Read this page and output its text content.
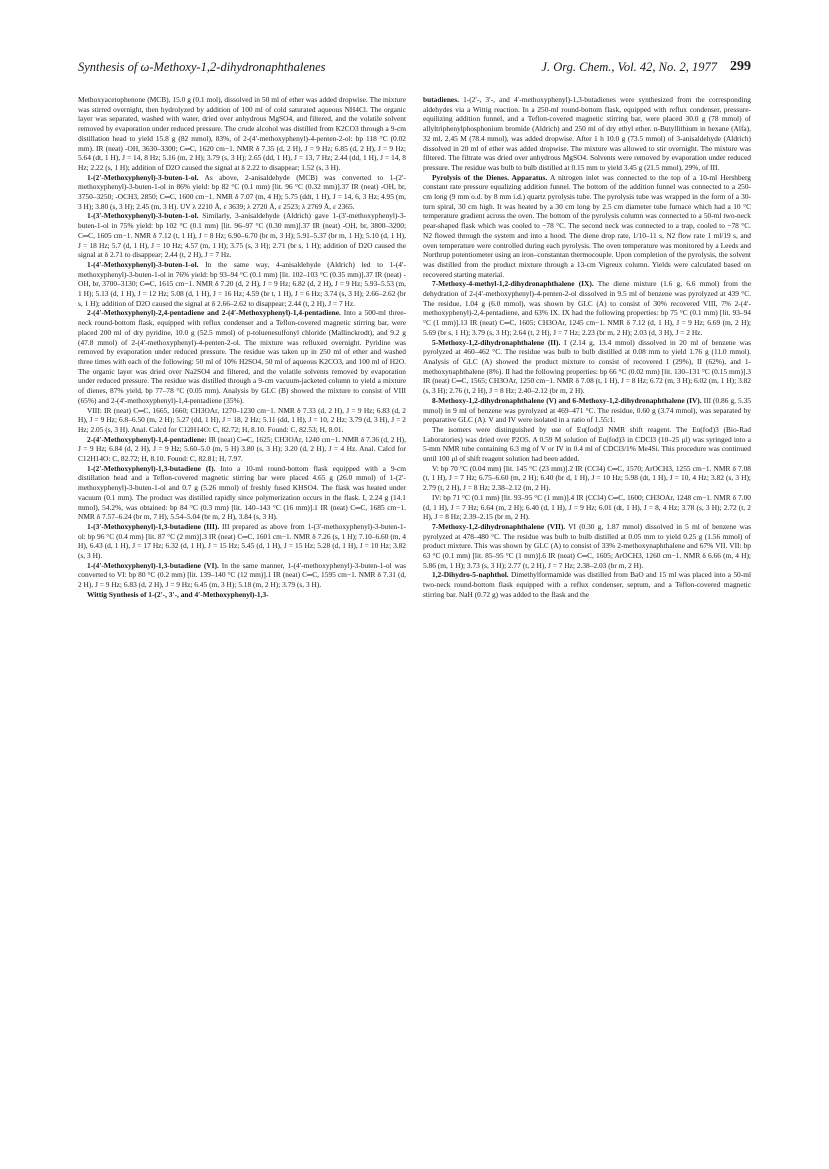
Synthesis of ω-Methoxy-1,2-dihydronaphthalenes	J. Org. Chem., Vol. 42, No. 2, 1977 299

Methoxyacetophenone (MCB), 15.0 g (0.1 mol), dissolved in 50 ml of ether was added dropwise. The mixture was stirred overnight, then hydrolyzed by addition of 100 ml of cold saturated aqueous NH4Cl. The organic layer was separated, washed with water, dried over anhydrous MgSO4, and filtered, and the volatile solvent removed by evaporation under reduced pressure. The crude alcohol was distilled from K2CO3 through a 9-cm distillation head to yield 15.8 g (82 mmol), 83%, of 2-(4′-methoxyphenyl)-4-penten-2-ol: bp 118 °C (0.02 mm). IR (neat) -OH, 3630–3300; C═C, 1620 cm−1. NMR δ 7.35 (d, 2 H), J = 9 Hz; 6.85 (d, 2 H), J = 9 Hz; 5.64 (dt, 1 H), J = 14, 8 Hz; 5.16 (m, 2 H); 3.79 (s, 3 H); 2.65 (dd, 1 H), J = 13, 7 Hz; 2.44 (dd, 1 H), J = 14, 8 Hz; 2.22 (s, 1 H); addition of D2O caused the signal at δ 2.22 to disappear; 1.52 (s, 3 H).

1-(2′-Methoxyphenyl)-3-buten-1-ol. As above, 2-anisaldehyde (MCB) was converted to 1-(2′-methoxyphenyl)-3-buten-1-ol in 86% yield: bp 82 °C (0.1 mm) [lit. 96 °C (0.32 mm)].37 IR (neat) -OH, br, 3750–3250; -OCH3, 2850; C═C, 1600 cm−1. NMR δ 7.07 (m, 4 H); 5.75 (ddt, 1 H), J = 14, 6, 3 Hz; 4.95 (m, 3 H); 3.80 (s, 3 H); 2.45 (m, 3 H). UV λ 2210 Å, ε 3639; λ 2720 Å, ε 2523; λ 2769 Å, ε 2365.

1-(3′-Methoxyphenyl)-3-buten-1-ol. Similarly, 3-anisaldehyde (Aldrich) gave 1-(3′-methoxyphenyl)-3-buten-1-ol in 75% yield: bp 102 °C (0.1 mm) [lit. 96–97 °C (0.30 mm)].37 IR (neat) -OH, br, 3800–3200; C═C, 1605 cm−1. NMR δ 7.12 (t, 1 H), J = 8 Hz; 6.90–6.70 (br m, 3 H); 5.91–5.37 (br m, 1 H); 5.10 (d, 1 H), J = 18 Hz; 5.7 (d, 1 H), J = 10 Hz; 4.57 (m, 1 H); 3.75 (s, 3 H); 2.71 (br s, 1 H); addition of D2O caused the signal at δ 2.71 to disappear; 2.44 (t, 2 H), J = 7 Hz.

1-(4′-Methoxyphenyl)-3-buten-1-ol. In the same way, 4-anisaldehyde (Aldrich) led to 1-(4′-methoxyphenyl)-3-buten-1-ol in 76% yield: bp 93–94 °C (0.1 mm) [lit. 102–103 °C (0.35 mm)].37 IR (neat) -OH, br, 3700–3130; C═C, 1615 cm−1. NMR δ 7.20 (d, 2 H), J = 9 Hz; 6.82 (d, 2 H), J = 9 Hz; 5.93–5.53 (m, 1 H); 5.13 (d, 1 H), J = 12 Hz; 5.08 (d, 1 H), J = 16 Hz; 4.59 (br t, 1 H), J = 6 Hz; 3.74 (s, 3 H); 2.66–2.62 (br s, 1 H); addition of D2O caused the signal at δ 2.66–2.62 to disappear; 2.44 (t, 2 H), J = 7 Hz.

2-(4′-Methoxyphenyl)-2,4-pentadiene and 2-(4′-Methoxyphenyl)-1,4-pentadiene. Into a 500-ml three-neck round-bottom flask, equipped with reflux condenser and a Teflon-covered magnetic stirring bar, were placed 200 ml of dry pyridine, 10.0 g (52.5 mmol) of p-toluenesulfonyl chloride (Mallinckrodt), and 9.2 g (47.8 mmol) of 2-(4′-methoxyphenyl)-4-penten-2-ol. The mixture was refluxed overnight. Pyridine was removed by evaporation under reduced pressure. The residue was taken up in 250 ml of ether and washed three times with each of the following: 50 ml of 10% H2SO4, 50 ml of aqueous K2CO3, and 100 ml of H2O. The organic layer was dried over Na2SO4 and filtered, and the volatile solvents removed by evaporation under reduced pressure. The residue was distilled through a 9-cm vacuum-jacketed column to yield a mixture of dienes, 87% yield, bp 77–78 °C (0.05 mm). Analysis by GLC (B) showed the mixture to consist of VIII (65%) and 2-(4′-methoxyphenyl)-1,4-pentadiene (35%).

VIII: IR (neat) C═C, 1665, 1660; CH3OAr, 1270–1230 cm−1. NMR δ 7.33 (d, 2 H), J = 9 Hz; 6.83 (d, 2 H), J = 9 Hz; 6.8–6.50 (m, 2 H); 5.27 (dd, 1 H), J = 18, 2 Hz; 5.11 (dd, 1 H), J = 10, 2 Hz; 3.79 (d, 3 H), J = 2 Hz; 2.05 (s, 3 H). Anal. Calcd for C12H14O: C, 82.72; H, 8.10. Found: C, 82.53; H, 8.01.

2-(4′-Methoxyphenyl)-1,4-pentadiene: IR (neat) C═C, 1625; CH3OAr, 1240 cm−1. NMR δ 7.36 (d, 2 H), J = 9 Hz; 6.84 (d, 2 H), J = 9 Hz; 5.60–5.0 (m, 5 H) 3.80 (s, 3 H); 3.20 (d, 2 H), J = 4 Hz. Anal. Calcd for C12H14O: C, 82.72; H, 8.10. Found: C, 82.81; H, 7.97.

1-(2′-Methoxyphenyl)-1,3-butadiene (I). Into a 10-ml round-bottom flask equipped with a 9-cm distillation head and a Teflon-covered magnetic stirring bar were placed 4.65 g (26.0 mmol) of 1-(2′-methoxyphenyl)-3-buten-1-ol and 0.7 g (5.26 mmol) of freshly fused KHSO4. The flask was heated under vacuum (0.1 mm). The product was distilled rapidly since polymerization occurs in the flask. I, 2.24 g (14.1 mmol), 54.2%, was obtained: bp 84 °C (0.3 mm) [lit. 140–143 °C (16 mm)].1 IR (neat) C═C, 1685 cm−1. NMR δ 7.57–6.24 (br m, 7 H), 5.54–5.04 (br m, 2 H), 3.84 (s, 3 H).

1-(3′-Methoxyphenyl)-1,3-butadiene (III). III prepared as above from 1-(3′-methoxyphenyl)-3-buten-1-ol: bp 96 °C (0.4 mm) [lit. 87 °C (2 mm)].3 IR (neat) C═C, 1601 cm−1. NMR δ 7.26 (s, 1 H); 7.10–6.60 (m, 4 H), 6.43 (d, 1 H), J = 17 Hz; 6.32 (d, 1 H), J = 15 Hz; 5.45 (d, 1 H), J = 15 Hz; 5.28 (d, 1 H), J = 10 Hz; 3.82 (s, 3 H).

1-(4′-Methoxyphenyl)-1,3-butadiene (VI). In the same manner, 1-(4′-methoxyphenyl)-3-buten-1-ol was converted to VI: bp 80 °C (0.2 mm) [lit. 139–140 °C (12 mm)].1 IR (neat) C═C, 1595 cm−1. NMR δ 7.31 (d, 2 H), J = 9 Hz; 6.83 (d, 2 H), J = 9 Hz; 6.45 (m, 3 H); 5.18 (m, 2 H); 3.79 (s, 3 H).

Wittig Synthesis of 1-(2′-, 3′-, and 4′-Methoxyphenyl)-1,3-

butadienes. 1-(2′-, 3′-, and 4′-methoxyphenyl)-1,3-butadienes were synthesized from the corresponding aldehydes via a Wittig reaction. In a 250-ml round-bottom flask, equipped with reflux condenser, pressure-equilizing addition funnel, and a Teflon-covered magnetic stirring bar, were placed 30.0 g (78 mmol) of allyltriphenylphosphonium bromide (Aldrich) and 250 ml of dry ethyl ether. n-Butyllithium in hexane (Alfa), 32 ml, 2.45 M (78.4 mmol), was added dropwise. After 1 h 10.0 g (73.5 mmol) of 3-anisaldehyde (Aldrich) dissolved in 20 ml of ether was added dropwise. The mixture was allowed to stir overnight. The mixture was filtered. The filtrate was dried over anhydrous MgSO4. Solvents were removed by evaporation under reduced pressure. The residue was bulb to bulb distilled at 0.15 mm to yield 3.45 g (21.5 mmol), 29%, of III.

Pyrolysis of the Dienes. Apparatus. A nitrogen inlet was connected to the top of a 10-ml Hershberg constant rate pressure equalizing addition funnel. The bottom of the addition funnel was connected to a 250-cm long (9 mm o.d. by 8 mm i.d.) quartz pyrolysis tube. The pyrolysis tube was wrapped in the form of a 30-turn spiral, 30 cm high. It was heated by a 30 cm long by 2.5 cm diameter tube furnace which had a 10 °C temperature gradient across the oven. The bottom of the pyrolysis column was connected to a 50-ml two-neck pear-shaped flask which was cooled to −78 °C. The second neck was connected to a trap, cooled to −78 °C. N2 flowed through the system and into a hood. The diene drop rate, 1/10–11 s, N2 flow rate 1 ml/19 s, and oven temperature were controlled during each pyrolysis. The oven temperature was monitored by a Leeds and Northrup potentiometer using an iron–constantan thermocouple. Upon completion of the pyrolysis, the solvent was distilled from the product mixture through a 13-cm Vigreux column. Yields were calculated based on recovered starting material.

7-Methoxy-4-methyl-1,2-dihydronaphthalene (IX). The diene mixture (1.6 g, 6.6 mmol) from the dehydration of 2-(4′-methoxyphenyl)-4-penten-2-ol dissolved in 9.5 ml of benzene was pyrolyzed at 439 °C. The residue, 1.04 g (6.0 mmol), was shown by GLC (A) to consist of 30% recovered VIII, 7% 2-(4′-methoxyphenyl)-2,4-pentadiene, and 63% IX. IX had the following properties: bp 75 °C (0.1 mm) [lit. 93–94 °C (1 mm)].13 IR (neat) C═C, 1605; CH3OAr, 1245 cm−1. NMR δ 7.12 (d, 1 H), J = 9 Hz; 6.69 (m, 2 H); 5.69 (br s, 1 H); 3.79 (s, 3 H); 2.64 (t, 2 H), J = 7 Hz; 2.23 (br m, 2 H); 2.03 (d, 3 H), J = 2 Hz.

5-Methoxy-1,2-dihydronaphthalene (II). I (2.14 g, 13.4 mmol) dissolved in 20 ml of benzene was pyrolyzed at 460–462 °C. The residue was bulb to bulb distilled at 0.08 mm to yield 1.76 g (11.0 mmol). Analysis of GLC (A) showed the product mixture to consist of recovered I (29%), II (62%), and 1-methoxynaphthalene (8%). II had the following properties: bp 66 °C (0.02 mm) [lit. 130–131 °C (0.15 mm)].3 IR (neat) C═C, 1565; CH3OAr, 1250 cm−1. NMR δ 7.08 (t, 1 H), J = 8 Hz; 6.72 (m, 3 H); 6.02 (m, 1 H); 3.82 (s, 3 H); 2.76 (t, 2 H), J = 8 Hz; 2.40–2.12 (br m, 2 H).

8-Methoxy-1,2-dihydronaphthalene (V) and 6-Methoxy-1,2-dihydronaphthalene (IV). III (0.86 g, 5.35 mmol) in 9 ml of benzene was pyrolyzed at 469–471 °C. The residue, 0.60 g (3.74 mmol), was separated by preparative GLC (A). V and IV were isolated in a ratio of 1.55:1.

The isomers were distinguished by use of Eu(fod)3 NMR shift reagent. The Eu(fod)3 (Bio-Rad Laboratories) was dried over P2O5. A 0.59 M solution of Eu(fod)3 in CDCl3 (10–25 μl) was syringed into a 5-mm NMR tube containing 6.3 mg of V or IV in 0.4 ml of CDCl3/1% Me4Si. This procedure was continued until 100 μl of shift reagent solution had been added.

V: bp 70 °C (0.04 mm) [lit. 145 °C (23 mm)].2 IR (CCl4) C═C, 1570; ArOCH3, 1255 cm−1. NMR δ 7.08 (t, 1 H), J = 7 Hz; 6.75–6.60 (m, 2 H); 6.40 (br d, 1 H), J = 10 Hz; 5.98 (dt, 1 H), J = 10, 4 Hz; 3.82 (s, 3 H); 2.79 (t, 2 H), J = 8 Hz; 2.38–2.12 (m, 2 H).

IV: bp 71 °C (0.1 mm) [lit. 93–95 °C (1 mm)].4 IR (CCl4) C═C, 1600; CH3OAr, 1248 cm−1. NMR δ 7.00 (d, 1 H), J = 7 Hz; 6.64 (m, 2 H); 6.40 (d, 1 H), J = 9 Hz; 6.01 (dt, 1 H), J = 8, 4 Hz; 3.78 (s, 3 H); 2.72 (t, 2 H), J = 8 Hz; 2.39–2.15 (br m, 2 H).

7-Methoxy-1,2-dihydronaphthalene (VII). VI (0.30 g, 1.87 mmol) dissolved in 5 ml of benzene was pyrolyzed at 478–480 °C. The residue was bulb to bulb distilled at 0.05 mm to yield 0.25 g (1.56 mmol) of product mixture. This was shown by GLC (A) to consist of 33% 2-methoxynaphthalene and 67% VII. VII: bp 63 °C (0.1 mm) [lit. 85–95 °C (1 mm)].6 IR (neat) C═C, 1605; ArOCH3, 1260 cm−1. NMR δ 6.66 (m, 4 H); 5.86 (m, 1 H); 3.73 (s, 3 H); 2.77 (t, 2 H), J = 7 Hz; 2.38–2.03 (br m, 2 H).

1,2-Dihydro-5-naphthol. Dimethylformamide was distilled from BaO and 15 ml was placed into a 50-ml two-neck round-bottom flask equipped with a reflux condenser, septum, and a Teflon-covered magnetic stirring bar. NaH (0.72 g) was added to the flask and the
